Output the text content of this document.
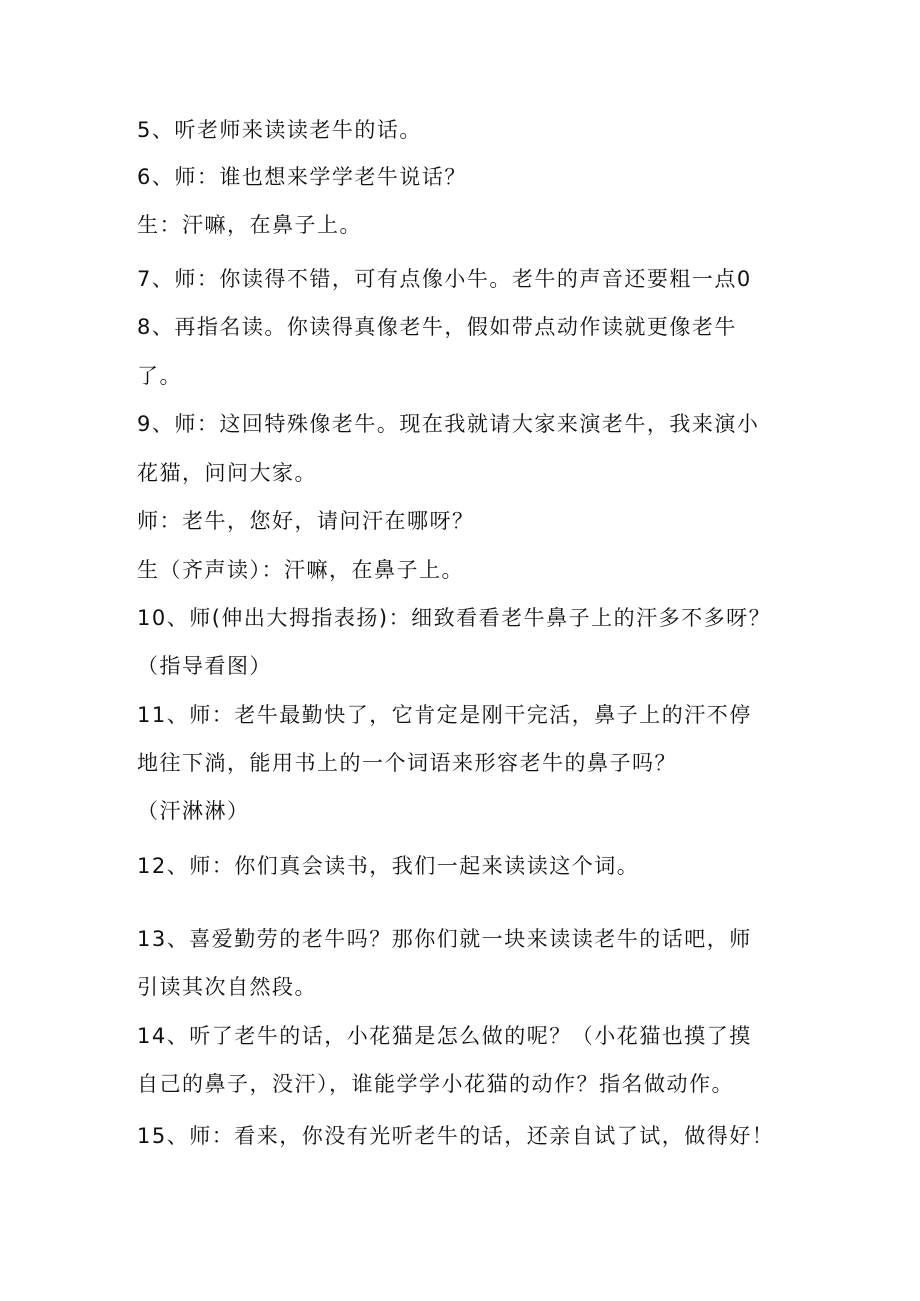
5、听老师来读读老牛的话。
6、师：谁也想来学学老牛说话？
生：汗嘛，在鼻子上。
7、师：你读得不错，可有点像小牛。老牛的声音还要粗一点0
8、再指名读。你读得真像老牛，假如带点动作读就更像老牛
了。
9、师：这回特殊像老牛。现在我就请大家来演老牛，我来演小
花猫，问问大家。
师：老牛，您好，请问汗在哪呀？
生（齐声读）：汗嘛，在鼻子上。
10、师(伸出大拇指表扬)：细致看看老牛鼻子上的汗多不多呀？
（指导看图）
11、师：老牛最勤快了，它肯定是刚干完活，鼻子上的汗不停
地往下淌，能用书上的一个词语来形容老牛的鼻子吗？
（汗淋淋）
12、师：你们真会读书，我们一起来读读这个词。
13、喜爱勤劳的老牛吗？那你们就一块来读读老牛的话吧，师
引读其次自然段。
14、听了老牛的话，小花猫是怎么做的呢？（小花猫也摸了摸
自己的鼻子，没汗），谁能学学小花猫的动作？指名做动作。
15、师：看来，你没有光听老牛的话，还亲自试了试，做得好！
